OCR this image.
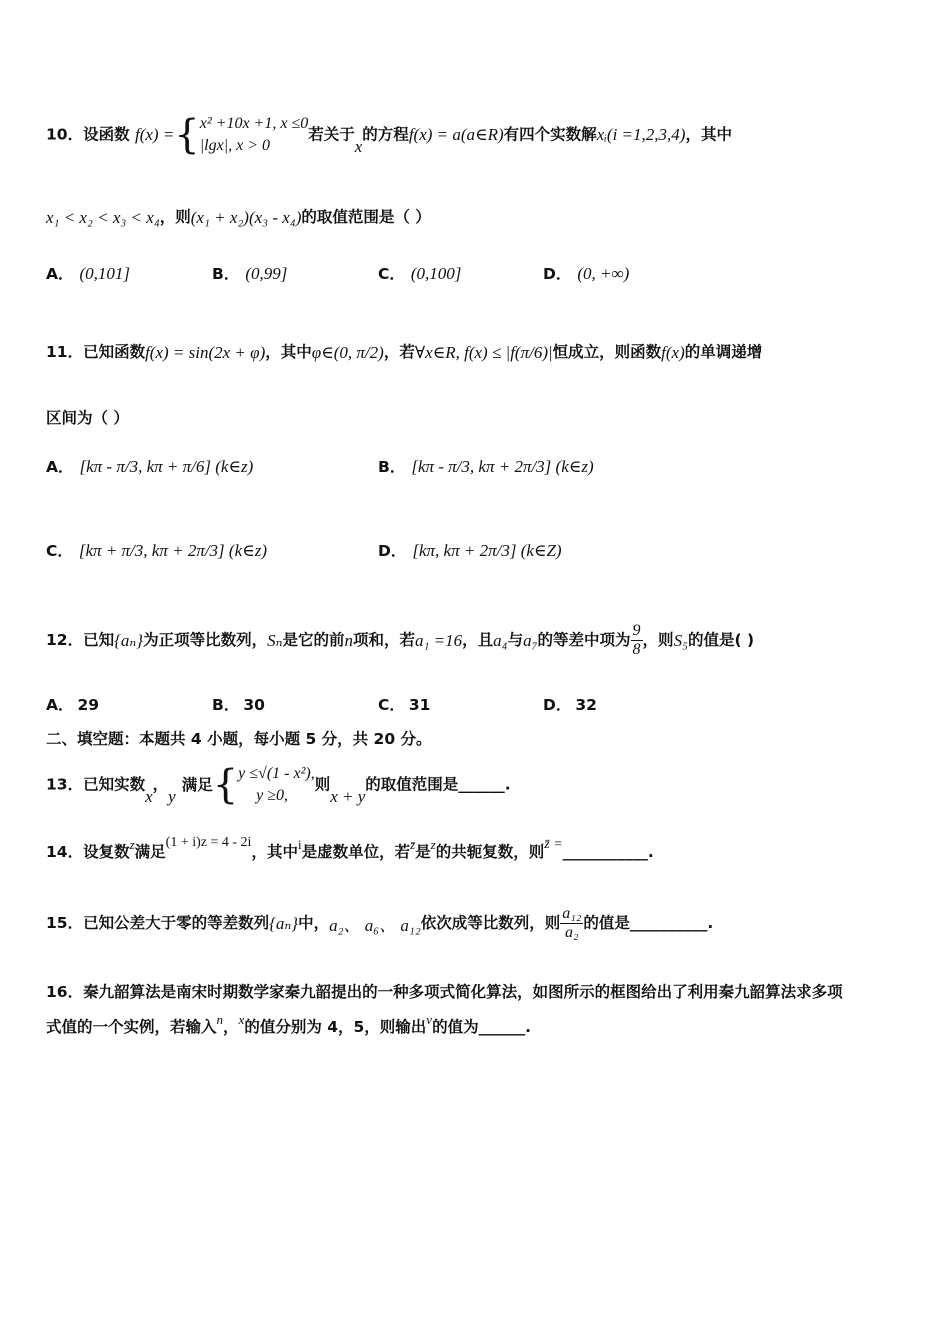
10．设函数 f(x) ={ x² +10x +1, x ≤0
|lgx|, x > 0
若关于x的方程f(x) = a(a∈R)有四个实数解xᵢ(i =1,2,3,4)，其中
x₁ < x₂ < x₃ < x₄，则(x₁ + x₂)(x₃ - x₄)的取值范围是（ ）
A． (0,101]	B． (0,99]	C． (0,100]	D． (0, +∞)
11．已知函数f(x) = sin(2x + φ)，其中φ∈(0, π/2)，若∀x∈R, f(x) ≤ |f(π/6)|恒成立，则函数f(x)的单调递增
区间为（ ）
A． [kπ - π/3, kπ + π/6] (k∈z)	B． [kπ - π/3, kπ + 2π/3] (k∈z)
C． [kπ + π/3, kπ + 2π/3] (k∈z)	D． [kπ, kπ + 2π/3] (k∈Z)
12．已知{aₙ}为正项等比数列，Sₙ是它的前n项和，若a₁ =16，且a₄与a₇的等差中项为 $\frac{9}{8}$ ，则S₅的值是( )
A． 29	B． 30	C． 31	D． 32
二、填空题：本题共 4 小题，每小题 5 分，共 20 分。
13．已知实数x，y满足{ y ≤√(1 - x²),
y ≥0,
则x + y的取值范围是______.
14．设复数z满足(1 + i)z = 4 - 2i，其中i是虚数单位，若z̄是z的共轭复数，则z̄ =___________.
15．已知公差大于零的等差数列{aₙ}中，a₂、 a₆、 a₁₂依次成等比数列，则 $\frac{\text{a₁₂}}{\text{a₂}}$ 的值是__________.
16．秦九韶算法是南宋时期数学家秦九韶提出的一种多项式简化算法，如图所示的框图给出了利用秦九韶算法求多项
式值的一个实例，若输入n，x的值分别为 4，5，则输出v的值为______.
